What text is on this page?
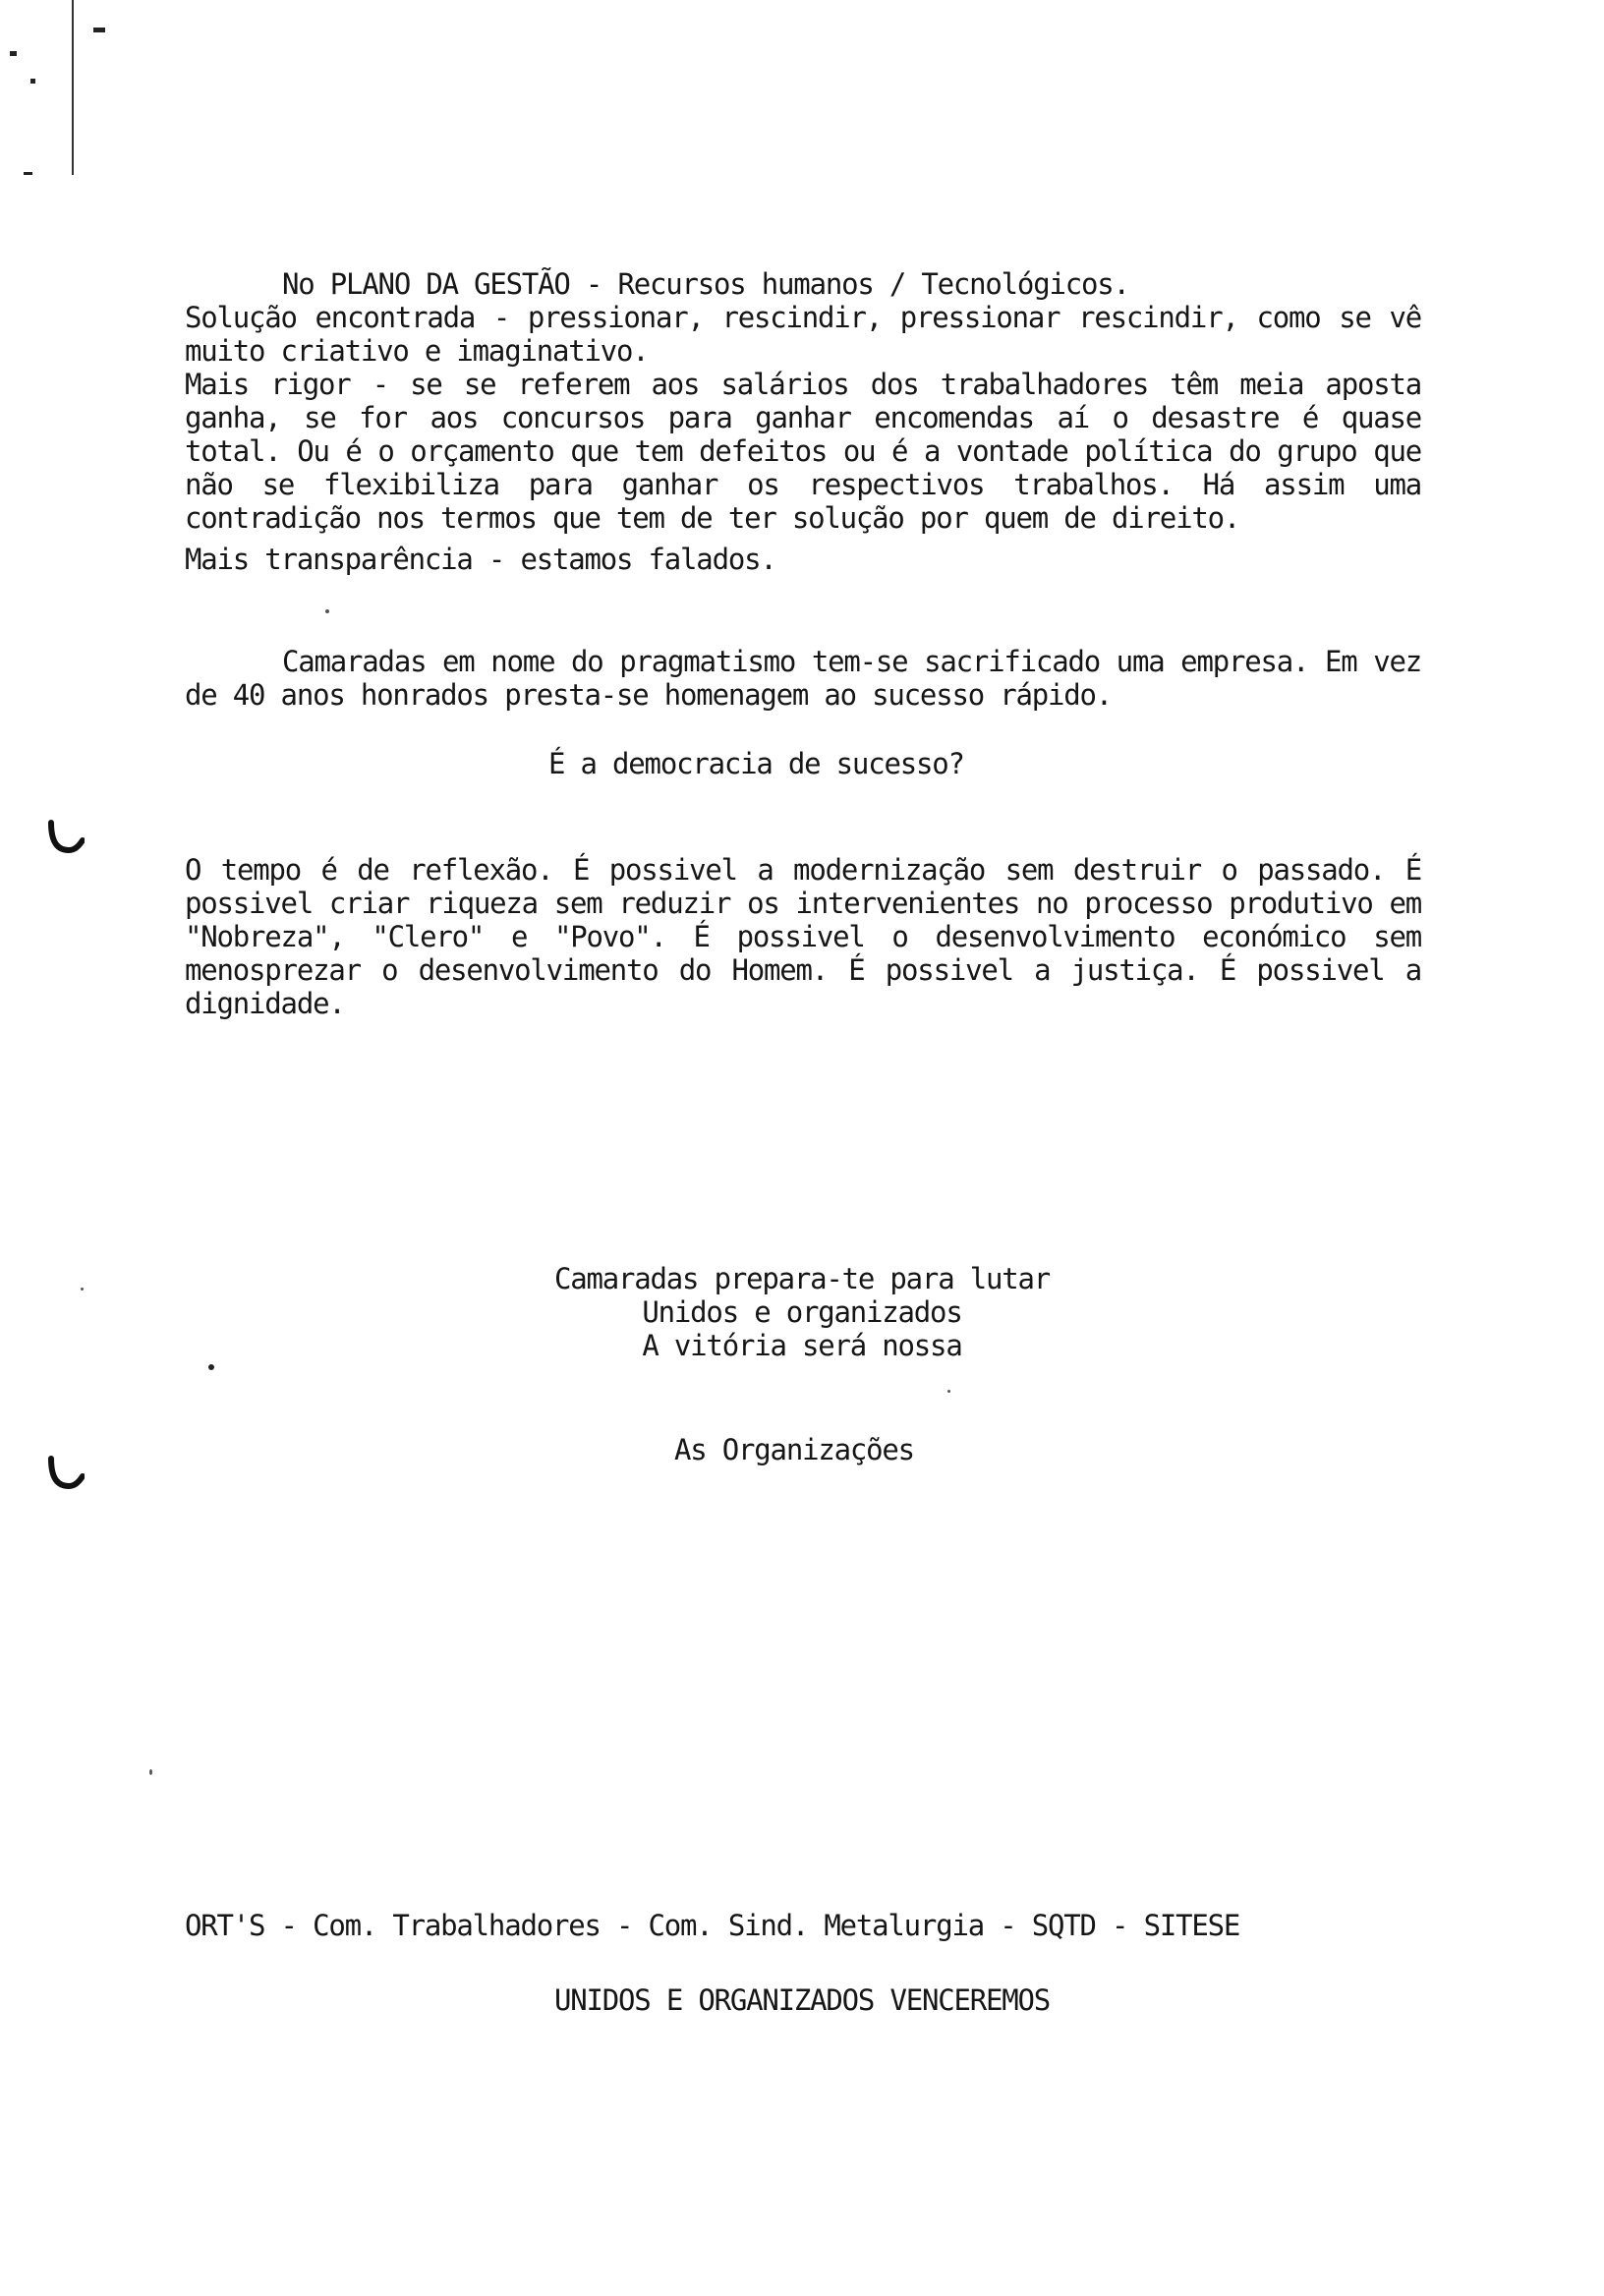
No PLANO DA GESTÃO - Recursos humanos / Tecnológicos.
Solução encontrada - pressionar, rescindir, pressionar rescindir, como se vê
muito criativo e imaginativo.
Mais rigor - se se referem aos salários dos trabalhadores têm meia aposta
ganha, se for aos concursos para ganhar encomendas aí o desastre é quase
total. Ou é o orçamento que tem defeitos ou é a vontade política do grupo que
não se flexibiliza para ganhar os respectivos trabalhos. Há assim uma
contradição nos termos que tem de ter solução por quem de direito.
Mais transparência - estamos falados.
Camaradas em nome do pragmatismo tem-se sacrificado uma empresa. Em vez
de 40 anos honrados presta-se homenagem ao sucesso rápido.
É a democracia de sucesso?
O tempo é de reflexão. É possivel a modernização sem destruir o passado. É
possivel criar riqueza sem reduzir os intervenientes no processo produtivo em
"Nobreza", "Clero" e "Povo". É possivel o desenvolvimento económico sem
menosprezar o desenvolvimento do Homem. É possivel a justiça. É possivel a
dignidade.
Camaradas prepara-te para lutar
Unidos e organizados
A vitória será nossa
As Organizações
ORT'S - Com. Trabalhadores - Com. Sind. Metalurgia - SQTD - SITESE
UNIDOS E ORGANIZADOS VENCEREMOS
